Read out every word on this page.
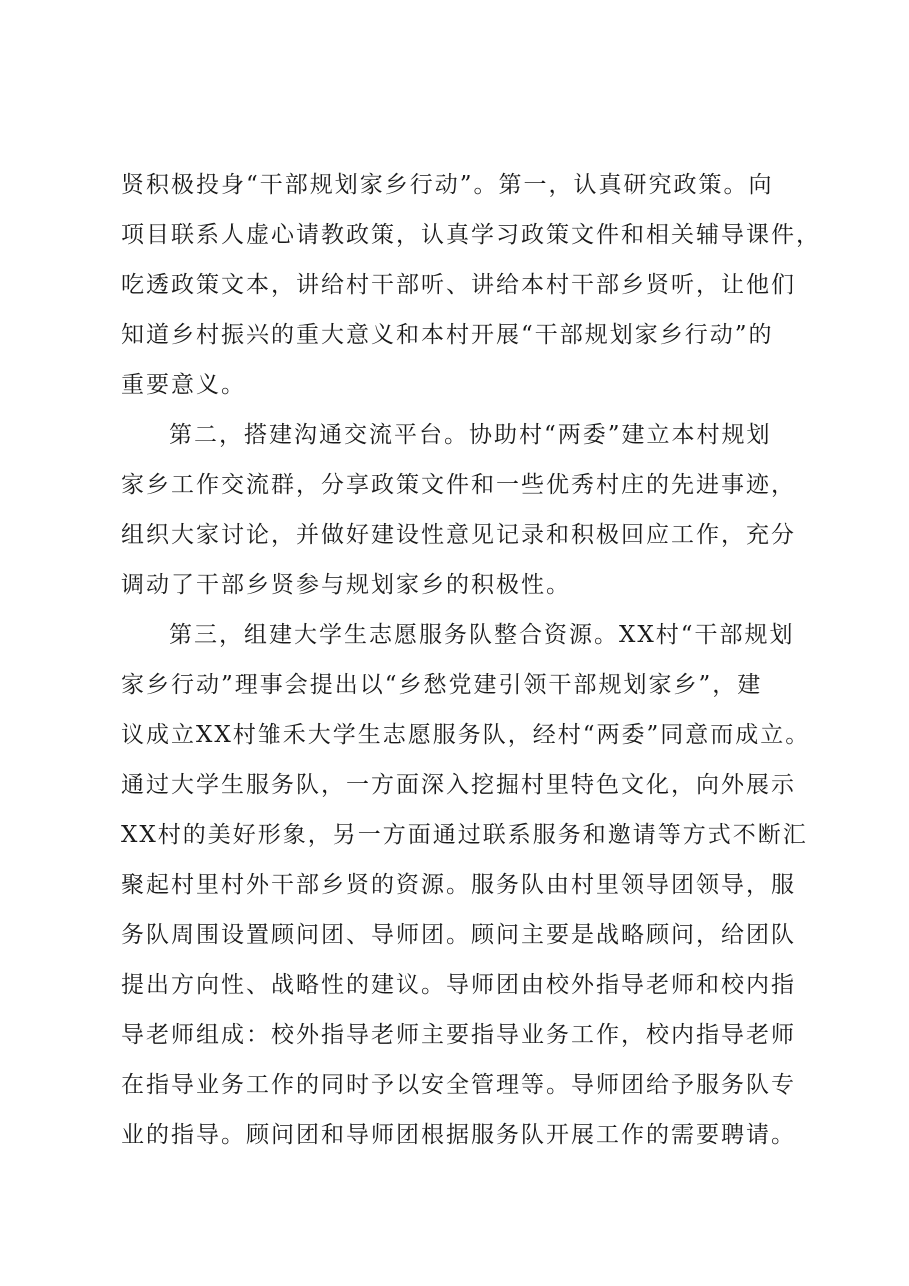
贤积极投身“干部规划家乡行动”。第一，认真研究政策。向
项目联系人虚心请教政策，认真学习政策文件和相关辅导课件，
吃透政策文本，讲给村干部听、讲给本村干部乡贤听，让他们
知道乡村振兴的重大意义和本村开展“干部规划家乡行动”的
重要意义。
第二，搭建沟通交流平台。协助村“两委”建立本村规划
家乡工作交流群，分享政策文件和一些优秀村庄的先进事迹，
组织大家讨论，并做好建设性意见记录和积极回应工作，充分
调动了干部乡贤参与规划家乡的积极性。
第三，组建大学生志愿服务队整合资源。XX村“干部规划
家乡行动”理事会提出以“乡愁党建引领干部规划家乡”，建
议成立XX村雏禾大学生志愿服务队，经村“两委”同意而成立。
通过大学生服务队，一方面深入挖掘村里特色文化，向外展示
XX村的美好形象，另一方面通过联系服务和邀请等方式不断汇
聚起村里村外干部乡贤的资源。服务队由村里领导团领导，服
务队周围设置顾问团、导师团。顾问主要是战略顾问，给团队
提出方向性、战略性的建议。导师团由校外指导老师和校内指
导老师组成：校外指导老师主要指导业务工作，校内指导老师
在指导业务工作的同时予以安全管理等。导师团给予服务队专
业的指导。顾问团和导师团根据服务队开展工作的需要聘请。
